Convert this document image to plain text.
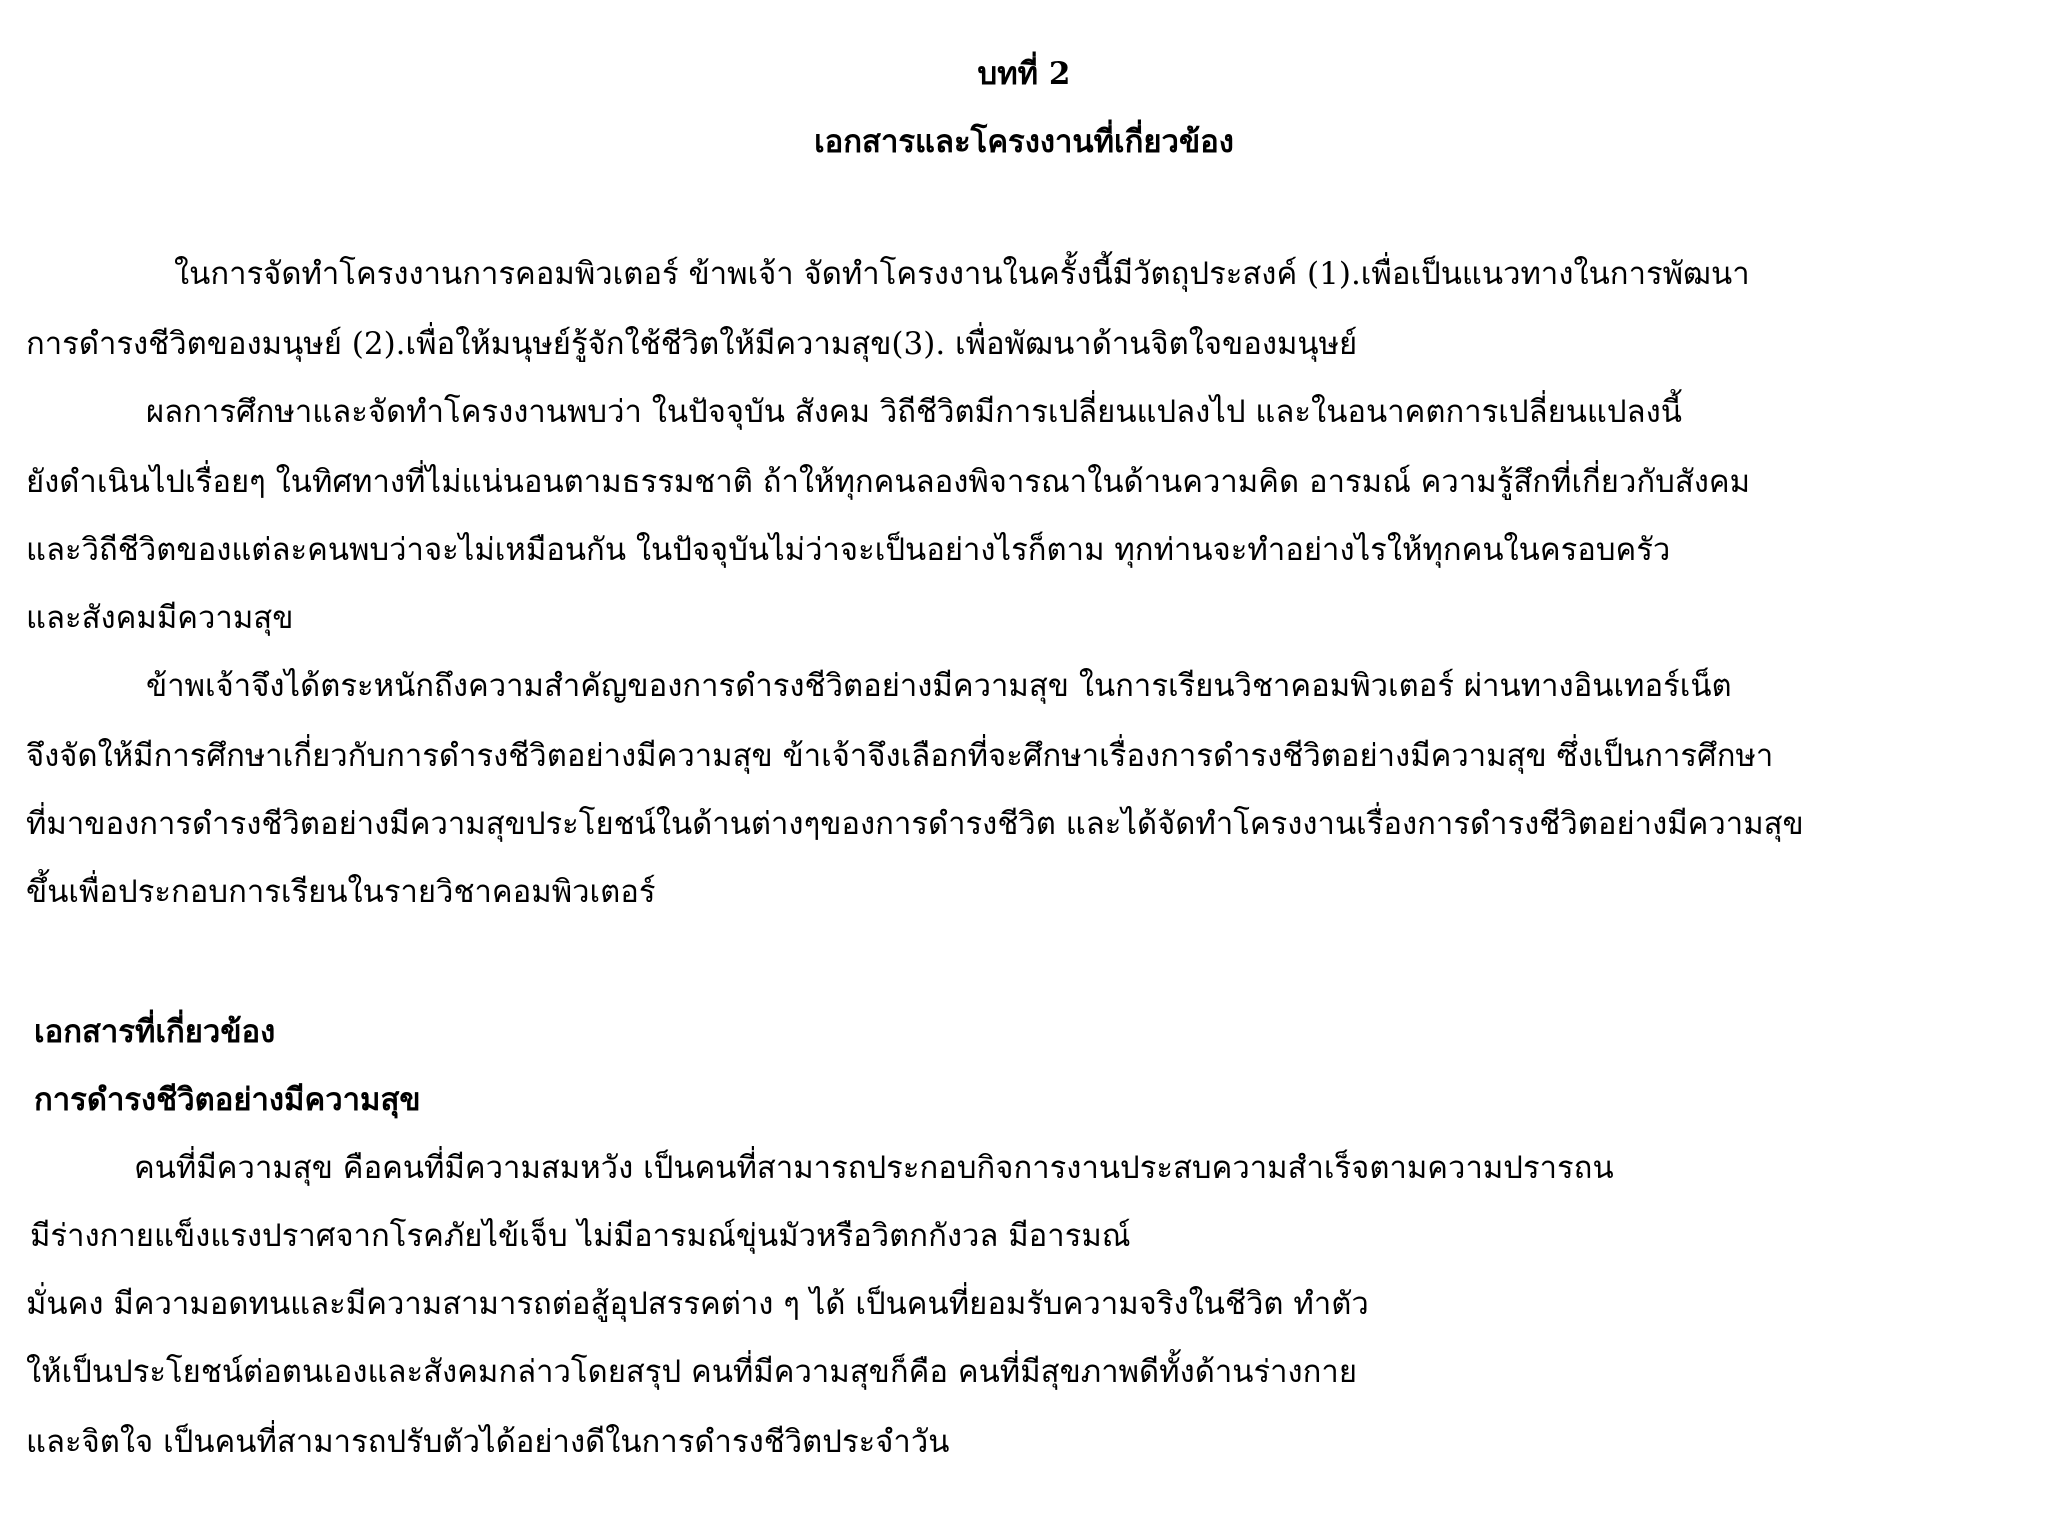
บทที่ 2
เอกสารและโครงงานที่เกี่ยวข้อง
ในการจัดทำโครงงานการคอมพิวเตอร์ ข้าพเจ้า จัดทำโครงงานในครั้งนี้มีวัตถุประสงค์ (1).เพื่อเป็นแนวทางในการพัฒนา
การดำรงชีวิตของมนุษย์ (2).เพื่อให้มนุษย์รู้จักใช้ชีวิตให้มีความสุข(3). เพื่อพัฒนาด้านจิตใจของมนุษย์
ผลการศึกษาและจัดทำโครงงานพบว่า ในปัจจุบัน สังคม วิถีชีวิตมีการเปลี่ยนแปลงไป และในอนาคตการเปลี่ยนแปลงนี้
ยังดำเนินไปเรื่อยๆ ในทิศทางที่ไม่แน่นอนตามธรรมชาติ ถ้าให้ทุกคนลองพิจารณาในด้านความคิด อารมณ์ ความรู้สึกที่เกี่ยวกับสังคม
และวิถีชีวิตของแต่ละคนพบว่าจะไม่เหมือนกัน ในปัจจุบันไม่ว่าจะเป็นอย่างไรก็ตาม ทุกท่านจะทำอย่างไรให้ทุกคนในครอบครัว
และสังคมมีความสุข
ข้าพเจ้าจึงได้ตระหนักถึงความสำคัญของการดำรงชีวิตอย่างมีความสุข ในการเรียนวิชาคอมพิวเตอร์ ผ่านทางอินเทอร์เน็ต
จึงจัดให้มีการศึกษาเกี่ยวกับการดำรงชีวิตอย่างมีความสุข ข้าเจ้าจึงเลือกที่จะศึกษาเรื่องการดำรงชีวิตอย่างมีความสุข ซึ่งเป็นการศึกษา
ที่มาของการดำรงชีวิตอย่างมีความสุขประโยชน์ในด้านต่างๆของการดำรงชีวิต และได้จัดทำโครงงานเรื่องการดำรงชีวิตอย่างมีความสุข
ขึ้นเพื่อประกอบการเรียนในรายวิชาคอมพิวเตอร์
เอกสารที่เกี่ยวข้อง
การดำรงชีวิตอย่างมีความสุข
คนที่มีความสุข คือคนที่มีความสมหวัง เป็นคนที่สามารถประกอบกิจการงานประสบความสำเร็จตามความปรารถน
มีร่างกายแข็งแรงปราศจากโรคภัยไข้เจ็บ ไม่มีอารมณ์ขุ่นมัวหรือวิตกกังวล มีอารมณ์
มั่นคง มีความอดทนและมีความสามารถต่อสู้อุปสรรคต่าง ๆ ได้ เป็นคนที่ยอมรับความจริงในชีวิต ทำตัว
ให้เป็นประโยชน์ต่อตนเองและสังคมกล่าวโดยสรุป คนที่มีความสุขก็คือ คนที่มีสุขภาพดีทั้งด้านร่างกาย
และจิตใจ เป็นคนที่สามารถปรับตัวได้อย่างดีในการดำรงชีวิตประจำวัน
